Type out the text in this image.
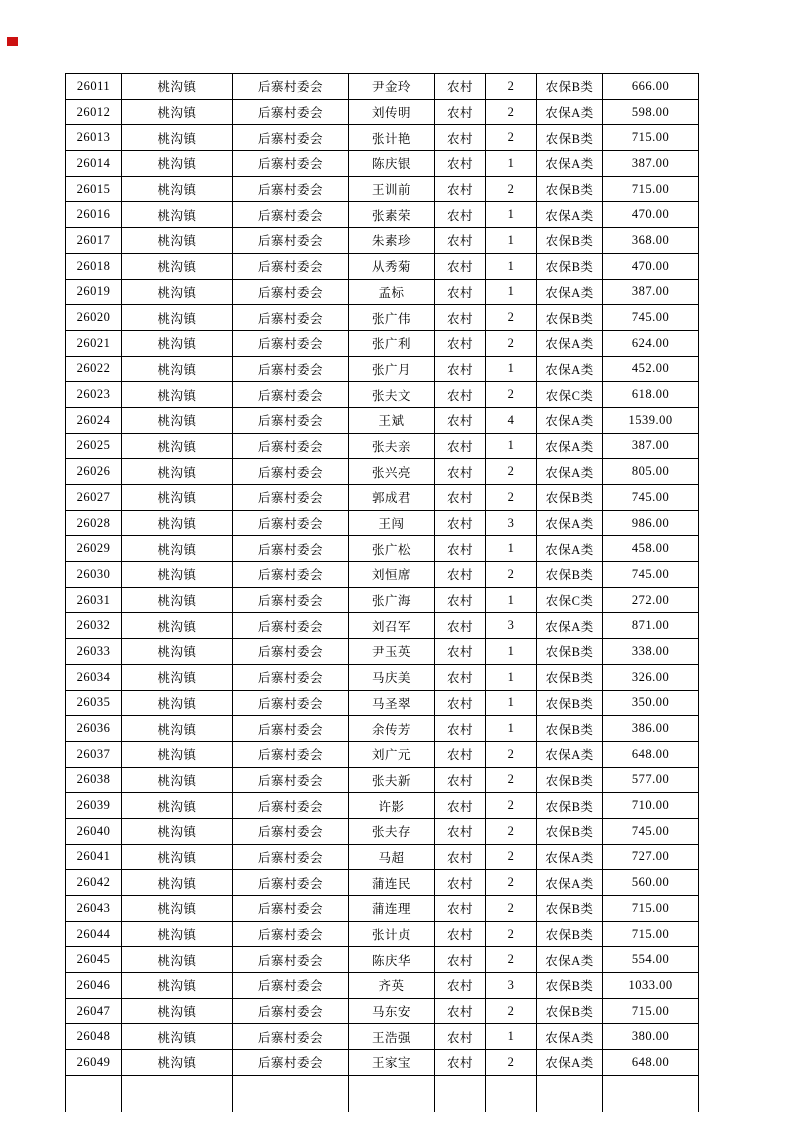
26011	桃沟镇	后寨村委会	尹金玲	农村	2	农保B类	666.00
26012	桃沟镇	后寨村委会	刘传明	农村	2	农保A类	598.00
26013	桃沟镇	后寨村委会	张计艳	农村	2	农保B类	715.00
26014	桃沟镇	后寨村委会	陈庆银	农村	1	农保A类	387.00
26015	桃沟镇	后寨村委会	王训前	农村	2	农保B类	715.00
26016	桃沟镇	后寨村委会	张素荣	农村	1	农保A类	470.00
26017	桃沟镇	后寨村委会	朱素珍	农村	1	农保B类	368.00
26018	桃沟镇	后寨村委会	从秀菊	农村	1	农保B类	470.00
26019	桃沟镇	后寨村委会	孟标	农村	1	农保A类	387.00
26020	桃沟镇	后寨村委会	张广伟	农村	2	农保B类	745.00
26021	桃沟镇	后寨村委会	张广利	农村	2	农保A类	624.00
26022	桃沟镇	后寨村委会	张广月	农村	1	农保A类	452.00
26023	桃沟镇	后寨村委会	张夫文	农村	2	农保C类	618.00
26024	桃沟镇	后寨村委会	王斌	农村	4	农保A类	1539.00
26025	桃沟镇	后寨村委会	张夫亲	农村	1	农保A类	387.00
26026	桃沟镇	后寨村委会	张兴亮	农村	2	农保A类	805.00
26027	桃沟镇	后寨村委会	郭成君	农村	2	农保B类	745.00
26028	桃沟镇	后寨村委会	王闯	农村	3	农保A类	986.00
26029	桃沟镇	后寨村委会	张广松	农村	1	农保A类	458.00
26030	桃沟镇	后寨村委会	刘恒席	农村	2	农保B类	745.00
26031	桃沟镇	后寨村委会	张广海	农村	1	农保C类	272.00
26032	桃沟镇	后寨村委会	刘召军	农村	3	农保A类	871.00
26033	桃沟镇	后寨村委会	尹玉英	农村	1	农保B类	338.00
26034	桃沟镇	后寨村委会	马庆美	农村	1	农保B类	326.00
26035	桃沟镇	后寨村委会	马圣翠	农村	1	农保B类	350.00
26036	桃沟镇	后寨村委会	余传芳	农村	1	农保B类	386.00
26037	桃沟镇	后寨村委会	刘广元	农村	2	农保A类	648.00
26038	桃沟镇	后寨村委会	张夫新	农村	2	农保B类	577.00
26039	桃沟镇	后寨村委会	许影	农村	2	农保B类	710.00
26040	桃沟镇	后寨村委会	张夫存	农村	2	农保B类	745.00
26041	桃沟镇	后寨村委会	马超	农村	2	农保A类	727.00
26042	桃沟镇	后寨村委会	蒲连民	农村	2	农保A类	560.00
26043	桃沟镇	后寨村委会	蒲连理	农村	2	农保B类	715.00
26044	桃沟镇	后寨村委会	张计贞	农村	2	农保B类	715.00
26045	桃沟镇	后寨村委会	陈庆华	农村	2	农保A类	554.00
26046	桃沟镇	后寨村委会	齐英	农村	3	农保B类	1033.00
26047	桃沟镇	后寨村委会	马东安	农村	2	农保B类	715.00
26048	桃沟镇	后寨村委会	王浩强	农村	1	农保A类	380.00
26049	桃沟镇	后寨村委会	王家宝	农村	2	农保A类	648.00
